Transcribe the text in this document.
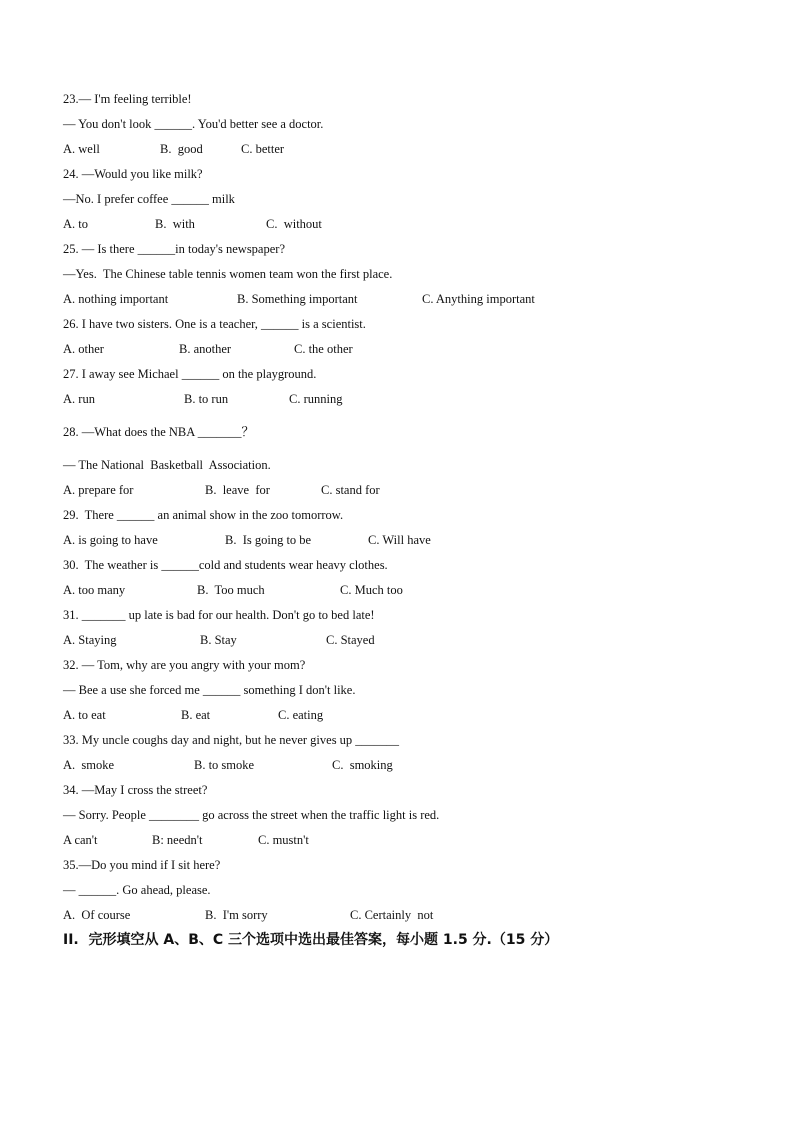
23.— I'm feeling terrible!
— You don't look ______. You'd better see a doctor.
A. well	B.  good	C. better
24. —Would you like milk?
—No. I prefer coffee ______ milk
A. to	B.  with	C.  without
25. — Is there ______in today's newspaper?
—Yes.  The Chinese table tennis women team won the first place.
A. nothing important	B. Something important	C. Anything important
26. I have two sisters. One is a teacher, ______ is a scientist.
A. other	B. another	C. the other
27. I away see Michael ______ on the playground.
A. run	B. to run	C. running
28. —What does the NBA _______？
— The National  Basketball  Association.
A. prepare for	B.  leave  for	C. stand for
29.  There ______ an animal show in the zoo tomorrow.
A. is going to have	B.  Is going to be	C. Will have
30.  The weather is ______cold and students wear heavy clothes.
A. too many	B.  Too much	C. Much too
31. _______ up late is bad for our health. Don't go to bed late!
A. Staying	B. Stay	C. Stayed
32. — Tom, why are you angry with your mom?
— Bee a use she forced me ______ something I don't like.
A. to eat	B. eat	C. eating
33. My uncle coughs day and night, but he never gives up _______
A.  smoke	B. to smoke	C.  smoking
34. —May I cross the street?
— Sorry. People ________ go across the street when the traffic light is red.
A can't	B: needn't	C. mustn't
35.—Do you mind if I sit here?
— ______. Go ahead, please.
A.  Of course	B.  I'm sorry	C. Certainly  not
II.  完形填空从 A、B、C 三个选项中选出最佳答案，每小题 1.5 分.（15 分）
